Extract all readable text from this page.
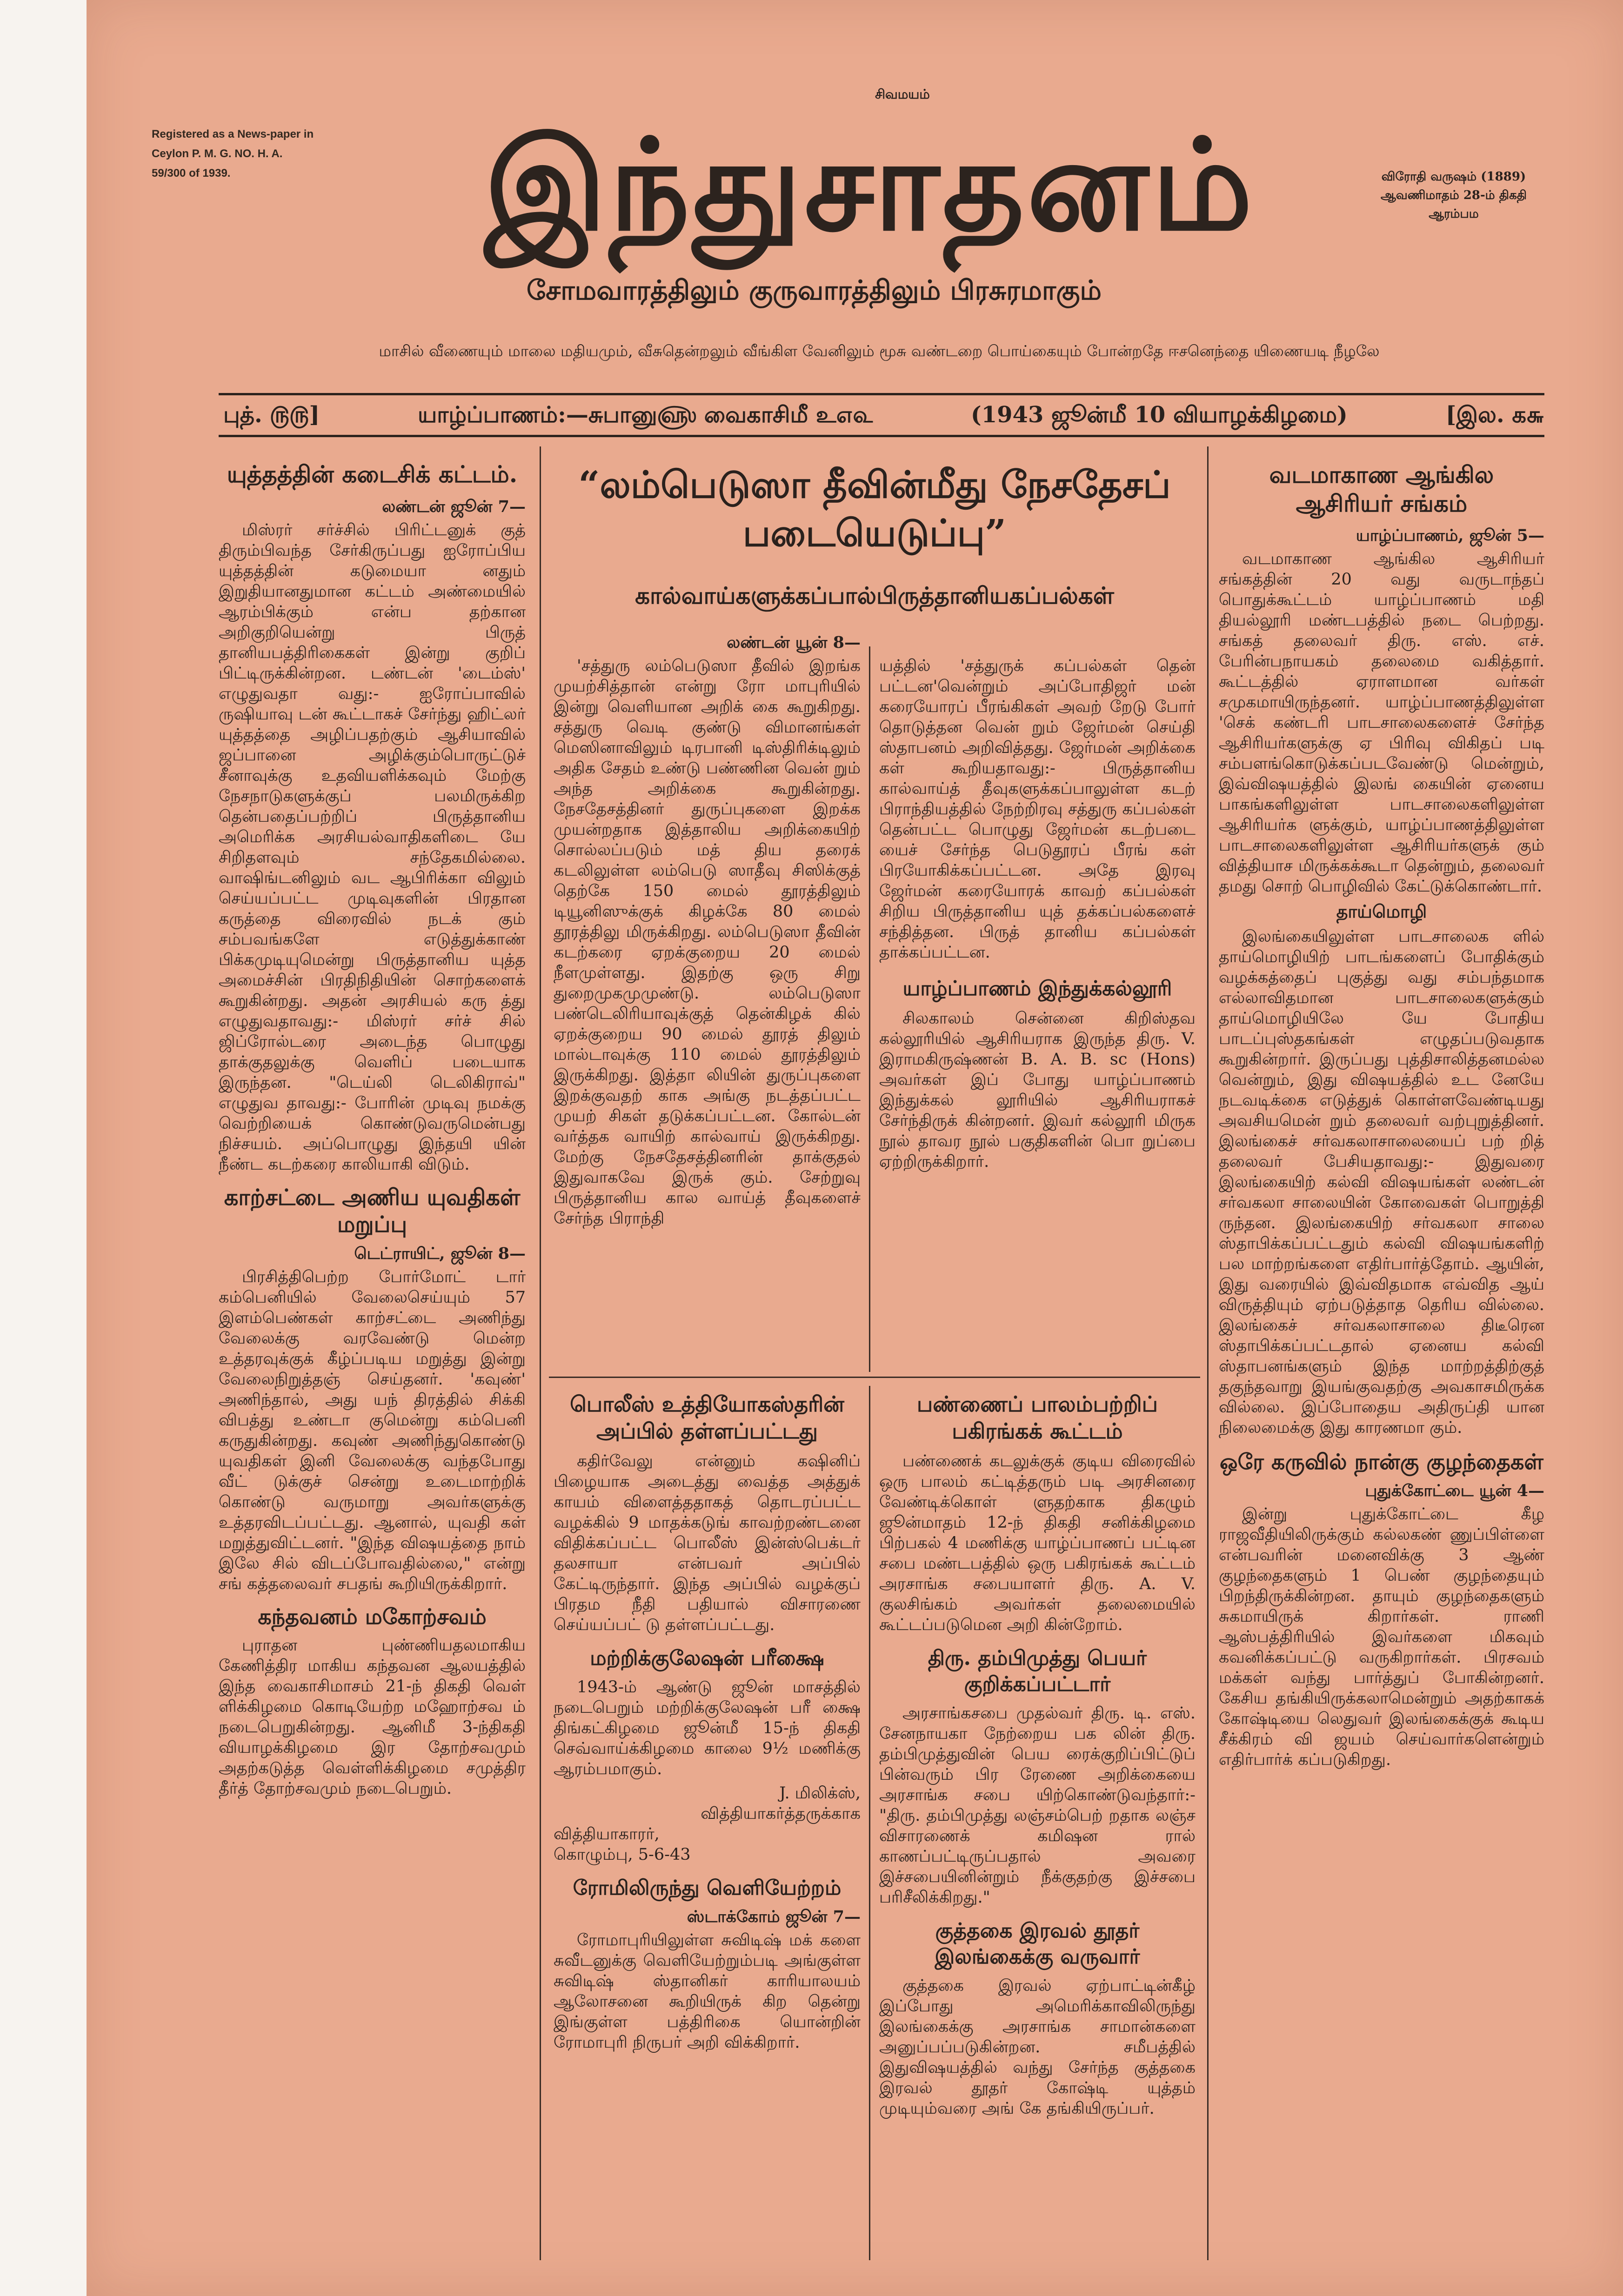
Registered as a News-paper in Ceylon P. M. G. NO. H. A. 59/300 of 1939.
சிவமயம்
இந்துசாதனம்	விரோதி வருஷம் (1889) ஆவணிமாதம் 28-ம் திகதி ஆரம்பம
சோமவாரத்திலும் குருவாரத்திலும் பிரசுரமாகும்
மாசில் வீணையும் மாலை மதியமும், வீசுதென்றலும் வீங்கிள வேனிலும் மூசு வண்டறை பொய்கையும் போன்றதே ஈசனெந்தை யிணையடி நீழலே
புத். ௫௫]	யாழ்ப்பாணம்:—சுபானு௵ வைகாசிமீ உ௭௳	(1943 ஜூன்மீ 10 வியாழக்கிழமை)	[இல. க௬
யுத்தத்தின் கடைசிக் கட்டம்.
லண்டன் ஜூன் 7—

மிஸ்ரர் சர்ச்சில் பிரிட்டனுக் குத் திரும்பிவந்த சேர்கிருப்பது ஐரோப்பிய யுத்தத்தின் கடுமையா னதும் இறுதியானதுமான கட்டம் அண்மையில் ஆரம்பிக்கும் என்ப தற்கான அறிகுறியென்று பிருத் தானியபத்திரிகைகள் இன்று குறிப் பிட்டிருக்கின்றன. டண்டன் 'டைம்ஸ்' எழுதுவதா வது:- ஐரோப்பாவில் ருஷியாவு டன் கூட்டாகச் சேர்ந்து ஹிட்லர் யுத்தத்தை அழிப்பதற்கும் ஆசியாவில் ஜப்பானை அழிக்கும்பொருட்டுச் சீனாவுக்கு உதவியளிக்கவும் மேற்கு நேசநாடுகளுக்குப் பலமிருக்கிற தென்பதைப்பற்றிப் பிருத்தானிய அமெரிக்க அரசியல்வாதிகளிடை யே சிறிதளவும் சந்தேகமில்லை. வாஷிங்டனிலும் வட ஆபிரிக்கா விலும் செய்யப்பட்ட முடிவுகளின் பிரதான கருத்தை விரைவில் நடக் கும் சம்பவங்களே எடுத்துக்காண் பிக்கமுடியுமென்று பிருத்தானிய யுத்த அமைச்சின் பிரதிநிதியின் சொற்களைக் கூறுகின்றது. அதன் அரசியல் கரு த்து எழுதுவதாவது:- மிஸ்ரர் சர்ச் சில் ஜிப்ரோல்டரை அடைந்த பொழுது தாக்குதலுக்கு வெளிப் படையாக இருந்தன. "டெய்லி டெலிகிராவ்" எழுதுவ தாவது:- போரின் முடிவு நமக்கு வெற்றியைக் கொண்டுவருமென்பது நிச்சயம். அப்பொழுது இந்தயி யின் நீண்ட கடற்கரை காலியாகி விடும்.

காற்சட்டை அணிய யுவதிகள் மறுப்பு
டெட்ராயிட், ஜூன் 8—

பிரசித்திபெற்ற போர்மோட் டார் கம்பெனியில் வேலைசெய்யும் 57 இளம்பெண்கள் காற்சட்டை அணிந்து வேலைக்கு வரவேண்டு மென்ற உத்தரவுக்குக் கீழ்ப்படிய மறுத்து இன்று வேலைநிறுத்தஞ் செய்தனர். 'கவுண்' அணிந்தால், அது யந் திரத்தில் சிக்கி விபத்து உண்டா குமென்று கம்பெனி கருதுகின்றது. கவுண் அணிந்துகொண்டு யுவதிகள் இனி வேலைக்கு வந்தபோது வீட் டுக்குச் சென்று உடைமாற்றிக் கொண்டு வருமாறு அவர்களுக்கு உத்தரவிடப்பட்டது. ஆனால், யுவதி கள் மறுத்துவிட்டனர். "இந்த விஷயத்தை நாம் இலே சில் விடப்போவதில்லை," என்று சங் கத்தலைவர் சபதங் கூறியிருக்கிறார்.

கந்தவனம் மகோற்சவம்

புராதன புண்ணியதலமாகிய கேணித்திர மாகிய கந்தவன ஆலயத்தில் இந்த வைகாசிமாசம் 21-ந் திகதி வெள் ளிக்கிழமை கொடியேற்ற மஹோற்சவ ம் நடைபெறுகின்றது. ஆனிமீ 3-ந்திகதி வியாழக்கிழமை இர தோற்சவமும் அதற்கடுத்த வெள்ளிக்கிழமை சமுத்திர தீர்த் தோற்சவமும் நடைபெறும்.

“லம்பெடுஸா தீவின்மீது நேசதேசப் படையெடுப்பு”
கால்வாய்களுக்கப்பால்பிருத்தானியகப்பல்கள்
லண்டன் யூன் 8—

'சத்துரு லம்பெடுஸா தீவில் இறங்க முயற்சித்தான் என்று ரோ மாபுரியில் இன்று வெளியான அறிக் கை கூறுகிறது. சத்துரு வெடி குண்டு விமானங்கள் மெஸினாவிலும் டிரபானி டிஸ்திரிக்டிலும் அதிக சேதம் உண்டு பண்ணின வென் றும் அந்த அறிக்கை கூறுகின்றது. நேசதேசத்தினர் துருப்புகளை இறக்க முயன்றதாக இத்தாலிய அறிக்கையிற் சொல்லப்படும் மத் திய தரைக் கடலிலுள்ள லம்பெடு ஸாதீவு சிஸிக்குத் தெற்கே 150 மைல் தூரத்திலும் டியூனிஸுக்குக் கிழக்கே 80 மைல் தூரத்திலு மிருக்கிறது. லம்பெடுஸா தீவின் கடற்கரை ஏறக்குறைய 20 மைல் நீளமுள்ளது. இதற்கு ஒரு சிறு துறைமுகமுமுண்டு. லம்பெடுஸா பண்டெலிரியாவுக்குத் தென்கிழக் கில் ஏறக்குறைய 90 மைல் தூரத் திலும் மால்டாவுக்கு 110 மைல் தூரத்திலும் இருக்கிறது. இத்தா லியின் துருப்புகளை இறக்குவதற் காக அங்கு நடத்தப்பட்ட முயற் சிகள் தடுக்கப்பட்டன. கோல்டன் வர்த்தக வாயிற் கால்வாய் இருக்கிறது. மேற்கு நேசதேசத்தினரின் தாக்குதல் இதுவாகவே இருக் கும். சேற்றுவு பிருத்தானிய கால வாய்த் தீவுகளைச் சேர்ந்த பிராந்தி

யத்தில் 'சத்துருக் கப்பல்கள் தென் பட்டன'வென்றும் அப்போதிஜர் மன் கரையோரப் பீரங்கிகள் அவற் றேடு போர் தொடுத்தன வென் றும் ஜேர்மன் செய்தி ஸ்தாபனம் அறிவித்தது. ஜேர்மன் அறிக்கை கள் கூறியதாவது:- பிருத்தானிய கால்வாய்த் தீவுகளுக்கப்பாலுள்ள கடற் பிராந்தியத்தில் நேற்றிரவு சத்துரு கப்பல்கள் தென்பட்ட பொழுது ஜேர்மன் கடற்படை யைச் சேர்ந்த பெடுதூரப் பீரங் கள் பிரயோகிக்கப்பட்டன. அதே இரவு ஜேர்மன் கரையோரக் காவற் கப்பல்கள் சிறிய பிருத்தானிய யுத் தக்கப்பல்களைச் சந்தித்தன. பிருத் தானிய கப்பல்கள் தாக்கப்பட்டன.

யாழ்ப்பாணம் இந்துக்கல்லூரி

சிலகாலம் சென்னை கிறிஸ்தவ கல்லூரியில் ஆசிரியராக இருந்த திரு. V. இராமகிருஷ்ணன் B. A. B. sc (Hons) அவர்கள் இப் போது யாழ்ப்பாணம் இந்துக்கல் லூரியில் ஆசிரியராகச் சேர்ந்திருக் கின்றனர். இவர் கல்லூரி மிருக நூல் தாவர நூல் பகுதிகளின் பொ றுப்பை ஏற்றிருக்கிறார்.

பொலீஸ் உத்தியோகஸ்தரின் அப்பில் தள்ளப்பட்டது

கதிர்வேலு என்னும் கஷினிப் பிழையாக அடைத்து வைத்த அத்துக் காயம் விளைத்ததாகத் தொடரப்பட்ட வழக்கில் 9 மாதக்கடுங் காவற்றண்டனை விதிக்கப்பட்ட பொலீஸ் இன்ஸ்பெக்டர் தலசாயா என்பவர் அப்பில் கேட்டிருந்தார். இந்த அப்பில் வழக்குப் பிரதம நீதி பதியால் விசாரணை செய்யப்பட் டு தள்ளப்பட்டது.

மற்றிக்குலேஷன் பரீக்ஷை

1943-ம் ஆண்டு ஜூன் மாசத்தில் நடைபெறும் மற்றிக்குலேஷன் பரீ க்ஷை திங்கட்கிழமை ஜூன்மீ 15-ந் திகதி செவ்வாய்க்கிழமை காலை 9½ மணிக்கு ஆரம்பமாகும்.

J. மிலிக்ஸ்,

வித்தியாகர்த்தருக்காக

வித்தியாகாரர்,

கொழும்பு, 5-6-43

ரோமிலிருந்து வெளியேற்றம்
ஸ்டாக்கோம் ஜூன் 7—

ரோமாபுரியிலுள்ள சுவிடிஷ் மக் களை சுவீடனுக்கு வெளியேற்றும்படி அங்குள்ள சுவிடிஷ் ஸ்தானிகர் காரியாலயம் ஆலோசனை கூறியிருக் கிற தென்று இங்குள்ள பத்திரிகை யொன்றின் ரோமாபுரி நிருபர் அறி விக்கிறார்.

பண்ணைப் பாலம்பற்றிப் பகிரங்கக் கூட்டம்

பண்ணைக் கடலுக்குக் குடிய விரைவில் ஒரு பாலம் கட்டித்தரும் படி அரசினரை வேண்டிக்கொள் ளுதற்காக திகழும் ஜூன்மாதம் 12-ந் திகதி சனிக்கிழமை பிற்பகல் 4 மணிக்கு யாழ்ப்பாணப் பட்டின சபை மண்டபத்தில் ஒரு பகிரங்கக் கூட்டம் அரசாங்க சபையாளர் திரு. A. V. குலசிங்கம் அவர்கள் தலைமையில் கூட்டப்படுமென அறி கின்றோம்.

திரு. தம்பிமுத்து பெயர் குறிக்கப்பட்டார்

அரசாங்கசபை முதல்வர் திரு. டி. எஸ். சேனநாயகா நேற்றைய பக லின் திரு. தம்பிமுத்துவின் பெய ரைக்குறிப்பிட்டுப் பின்வரும் பிர ரேணை அறிக்கையை அரசாங்க சபை யிற்கொண்டுவந்தார்:- "திரு. தம்பிமுத்து லஞ்சம்பெற் றதாக லஞ்ச விசாரணைக் கமிஷன ரால் காணப்பட்டிருப்பதால் அவரை இச்சபையினின்றும் நீக்குதற்கு இச்சபை பரிசீலிக்கிறது."

குத்தகை இரவல் தூதர் இலங்கைக்கு வருவார்

குத்தகை இரவல் ஏற்பாட்டின்கீழ் இப்போது அமெரிக்காவிலிருந்து இலங்கைக்கு அரசாங்க சாமான்களை அனுப்பப்படுகின்றன. சமீபத்தில் இதுவிஷயத்தில் வந்து சேர்ந்த குத்தகை இரவல் தூதர் கோஷ்டி யுத்தம் முடியும்வரை அங் கே தங்கியிருப்பர்.

வடமாகாண ஆங்கில ஆசிரியர் சங்கம்
யாழ்ப்பாணம், ஜூன் 5—

வடமாகாண ஆங்கில ஆசிரியர் சங்கத்தின் 20 வது வருடாந்தப் பொதுக்கூட்டம் யாழ்ப்பாணம் மதி தியல்லூரி மண்டபத்தில் நடை பெற்றது. சங்கத் தலைவர் திரு. எஸ். எச். பேரின்பநாயகம் தலைமை வகித்தார். கூட்டத்தில் ஏராளமான வர்கள் சமுகமாயிருந்தனர். யாழ்ப்பாணத்திலுள்ள 'செக் கண்டரி பாடசாலைகளைச் சேர்ந்த ஆசிரியர்களுக்கு ஏ பிரிவு விகிதப் படி சம்பளங்கொடுக்கப்படவேண்டு மென்றும், இவ்விஷயத்தில் இலங் கையின் ஏனைய பாகங்களிலுள்ள பாடசாலைகளிலுள்ள ஆசிரியர்க ளுக்கும், யாழ்ப்பாணத்திலுள்ள பாடசாலைகளிலுள்ள ஆசிரியர்களுக் கும் வித்தியாச மிருக்கக்கூடா தென்றும், தலைவர் தமது சொற் பொழிவில் கேட்டுக்கொண்டார்.

தாய்மொழி

இலங்கையிலுள்ள பாடசாலைக ளில் தாய்மொழியிற் பாடங்களைப் போதிக்கும் வழக்கத்தைப் புகுத்து வது சம்பந்தமாக எல்லாவிதமான பாடசாலைகளுக்கும் தாய்மொழியிலே யே போதிய பாடப்புஸ்தகங்கள் எழுதப்படுவதாக கூறுகின்றார். இருப்பது புத்திசாலித்தனமல்ல வென்றும், இது விஷயத்தில் உட னேயே நடவடிக்கை எடுத்துக் கொள்ளவேண்டியது அவசியமென் றும் தலைவர் வற்புறுத்தினர். இலங்கைச் சர்வகலாசாலையைப் பற் றித் தலைவர் பேசியதாவது:- இதுவரை இலங்கையிற் கல்வி விஷயங்கள் லண்டன் சர்வகலா சாலையின் கோவைகள் பொறுத்தி ருந்தன. இலங்கையிற் சர்வகலா சாலை ஸ்தாபிக்கப்பட்டதும் கல்வி விஷயங்களிற் பல மாற்றங்களை எதிர்பார்த்தோம். ஆயின், இது வரையில் இவ்விதமாக எவ்வித ஆய் விருத்தியும் ஏற்படுத்தாத தெரிய வில்லை. இலங்கைச் சர்வகலாசாலை திடீரென ஸ்தாபிக்கப்பட்டதால் ஏனைய கல்வி ஸ்தாபனங்களும் இந்த மாற்றத்திற்குத் தகுந்தவாறு இயங்குவதற்கு அவகாசமிருக்க வில்லை. இப்போதைய அதிருப்தி யான நிலைமைக்கு இது காரணமா கும்.

ஒரே கருவில் நான்கு குழந்தைகள்
புதுக்கோட்டை யூன் 4—

இன்று புதுக்கோட்டை கீழ ராஜவீதியிலிருக்கும் கல்லகண் ணுப்பிள்ளை என்பவரின் மனைவிக்கு 3 ஆண் குழந்தைகளும் 1 பெண் குழந்தையும் பிறந்திருக்கின்றன. தாயும் குழந்தைகளும் சுகமாயிருக் கிறார்கள். ராணி ஆஸ்பத்திரியில் இவர்களை மிகவும் கவனிக்கப்பட்டு வருகிறார்கள். பிரசவம் மக்கள் வந்து பார்த்துப் போகின்றனர். கேசிய தங்கியிருக்கலாமென்றும் அதற்காகக் கோஷ்டியை லெதுவர் இலங்கைக்குக் கூடிய சீக்கிரம் வி ஜயம் செய்வார்களென்றும் எதிர்பார்க் கப்படுகிறது.
